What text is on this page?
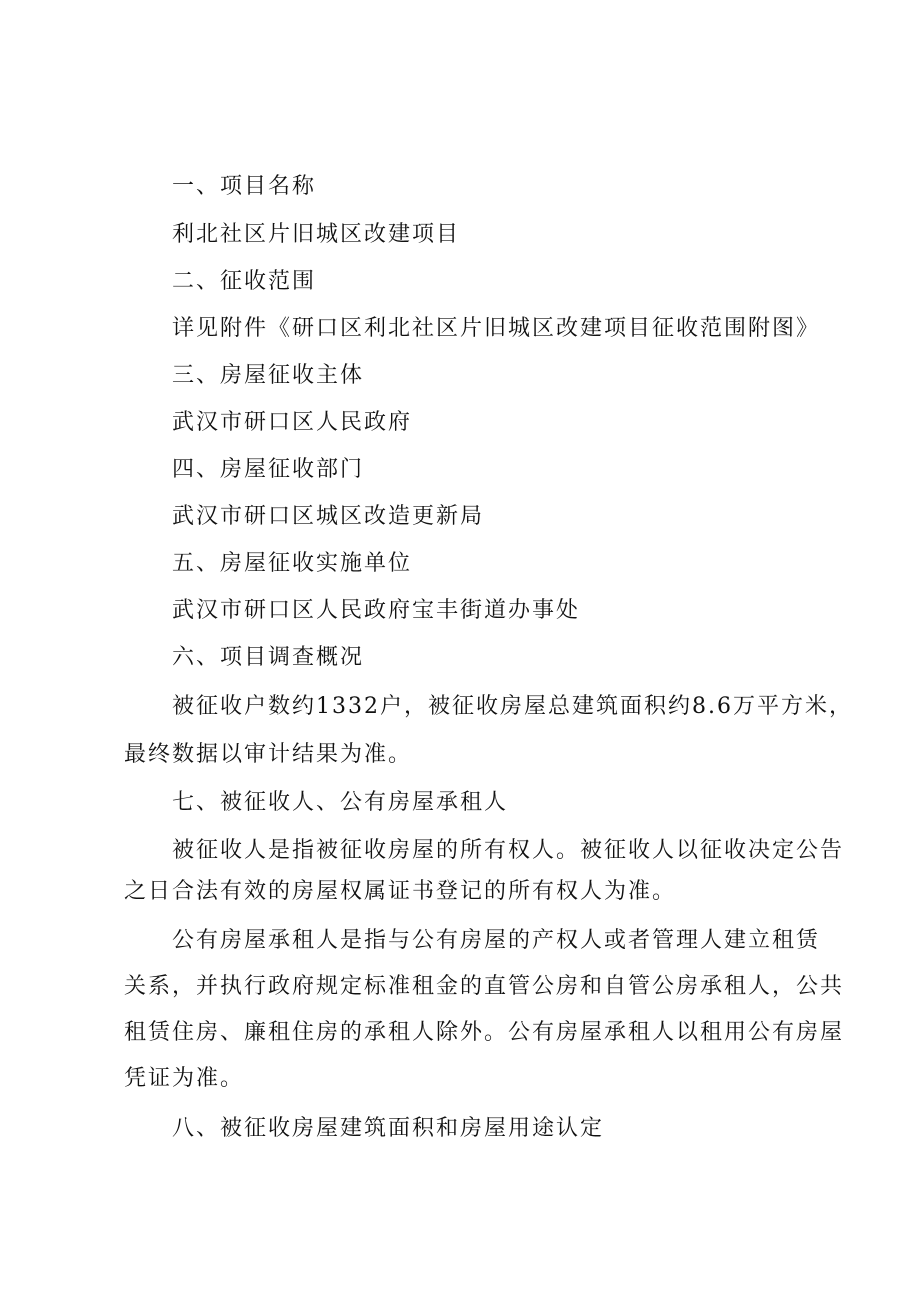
一、项目名称
利北社区片旧城区改建项目
二、征收范围
详见附件《研口区利北社区片旧城区改建项目征收范围附图》
三、房屋征收主体
武汉市研口区人民政府
四、房屋征收部门
武汉市研口区城区改造更新局
五、房屋征收实施单位
武汉市研口区人民政府宝丰街道办事处
六、项目调查概况
被征收户数约1332户，被征收房屋总建筑面积约8.6万平方米，
最终数据以审计结果为准。
七、被征收人、公有房屋承租人
被征收人是指被征收房屋的所有权人。被征收人以征收决定公告
之日合法有效的房屋权属证书登记的所有权人为准。
公有房屋承租人是指与公有房屋的产权人或者管理人建立租赁
关系，并执行政府规定标准租金的直管公房和自管公房承租人，公共
租赁住房、廉租住房的承租人除外。公有房屋承租人以租用公有房屋
凭证为准。
八、被征收房屋建筑面积和房屋用途认定
